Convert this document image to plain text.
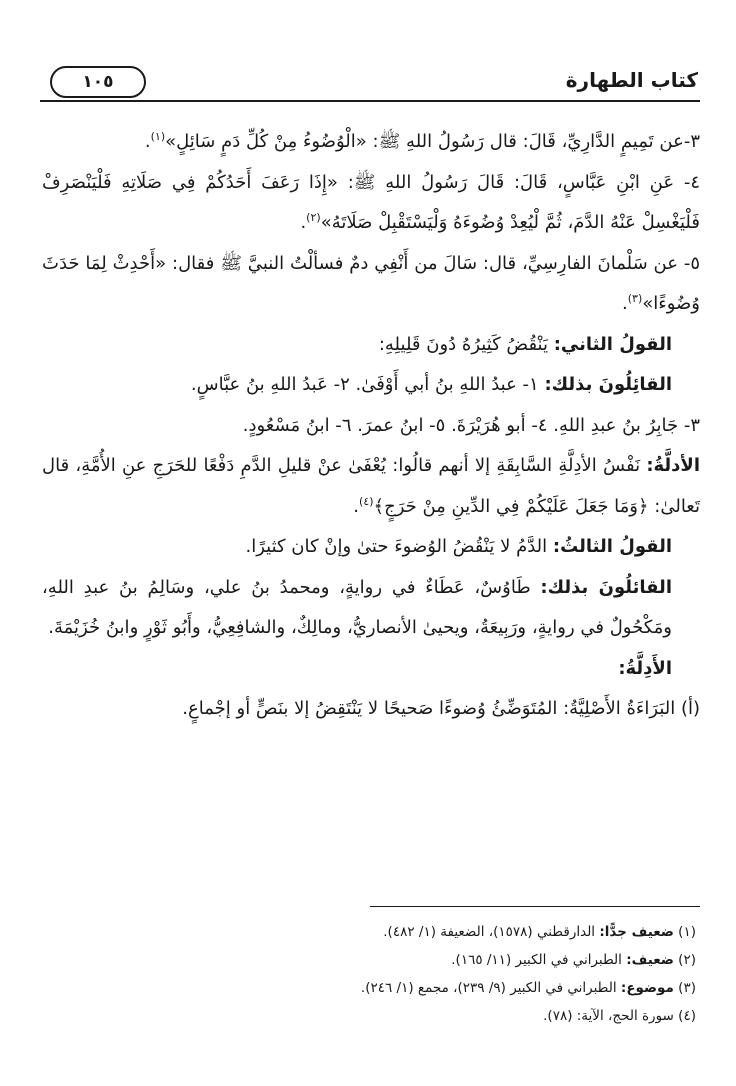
كتاب الطهارة
١٠٥

٣-عن تَمِيمٍ الدَّارِيِّ، قَالَ: قال رَسُولُ اللهِ ﷺ: «الْوُضُوءُ مِنْ كُلِّ دَمٍ سَائِلٍ»$^{(١)}$.

٤- عَنِ ابْنِ عَبَّاسٍ، قَالَ: قَالَ رَسُولُ اللهِ ﷺ: «إِذَا رَعَفَ أَحَدُكُمْ فِي صَلَاتِهِ فَلْيَنْصَرِفْ فَلْيَغْسِلْ عَنْهُ الدَّمَ، ثُمَّ لْيُعِدْ وُضُوءَهُ وَلْيَسْتَقْبِلْ صَلَاتَهُ»$^{(٢)}$.

٥- عن سَلْمانَ الفارِسِيِّ، قال: سَالَ من أَنْفِي دمٌ فسألْتُ النبيَّ ﷺ فقال: «أَحْدِثْ لِمَا حَدَثَ وُضُوءًا»$^{(٣)}$.

القولُ الثاني: يَنْقُضُ كَثِيرُهُ دُونَ قَلِيلِهِ:

القائِلُونَ بذلك: ١- عبدُ اللهِ بنُ أبي أَوْفَىٰ. ٢- عَبدُ اللهِ بنُ عبَّاسٍ.

٣- جَابِرُ بنُ عبدِ اللهِ. ٤- أبو هُرَيْرَةَ. ٥- ابنُ عمرَ. ٦- ابنُ مَسْعُودٍ.

الأدلَّةُ: نَفْسُ الأدِلَّةِ السَّابِقَةِ إلا أنهم قالُوا: يُعْفَىٰ عنْ قليلِ الدَّمِ دَفْعًا للحَرَجِ عنِ الأُمَّةِ، قال تَعالىٰ: ﴿وَمَا جَعَلَ عَلَيْكُمْ فِي الدِّينِ مِنْ حَرَجٍ﴾$^{(٤)}$.

القولُ الثالثُ: الدَّمُ لا يَنْقُضُ الوُضوءَ حتىٰ وإنْ كان كثيرًا.

القائلُونَ بذلك: طَاوُسٌ، عَطَاءٌ في روايةٍ، ومحمدُ بنُ علي، وسَالِمُ بنُ عبدِ اللهِ، ومَكْحُولٌ في روايةٍ، ورَبِيعَةُ، ويحيىٰ الأنصاريُّ، ومالِكٌ، والشافِعِيُّ، وأَبُو ثَوْرٍ وابنُ خُزَيْمَةَ.

الأَدِلَّةُ:

(أ) البَرَاءَةُ الأَصْلِيَّةُ: المُتَوَضِّئُ وُضوءًا صَحيحًا لا يَنْتَقِضُ إلا بنَصٍّ أو إجْماعٍ.

(١) ضعيف جدًّا: الدارقطني (١٥٧٨)، الضعيفة (١/ ٤٨٢).
(٢) ضعيف: الطبراني في الكبير (١١/ ١٦٥).
(٣) موضوع: الطبراني في الكبير (٩/ ٢٣٩)، مجمع (١/ ٢٤٦).
(٤) سورة الحج، الآية: (٧٨).
